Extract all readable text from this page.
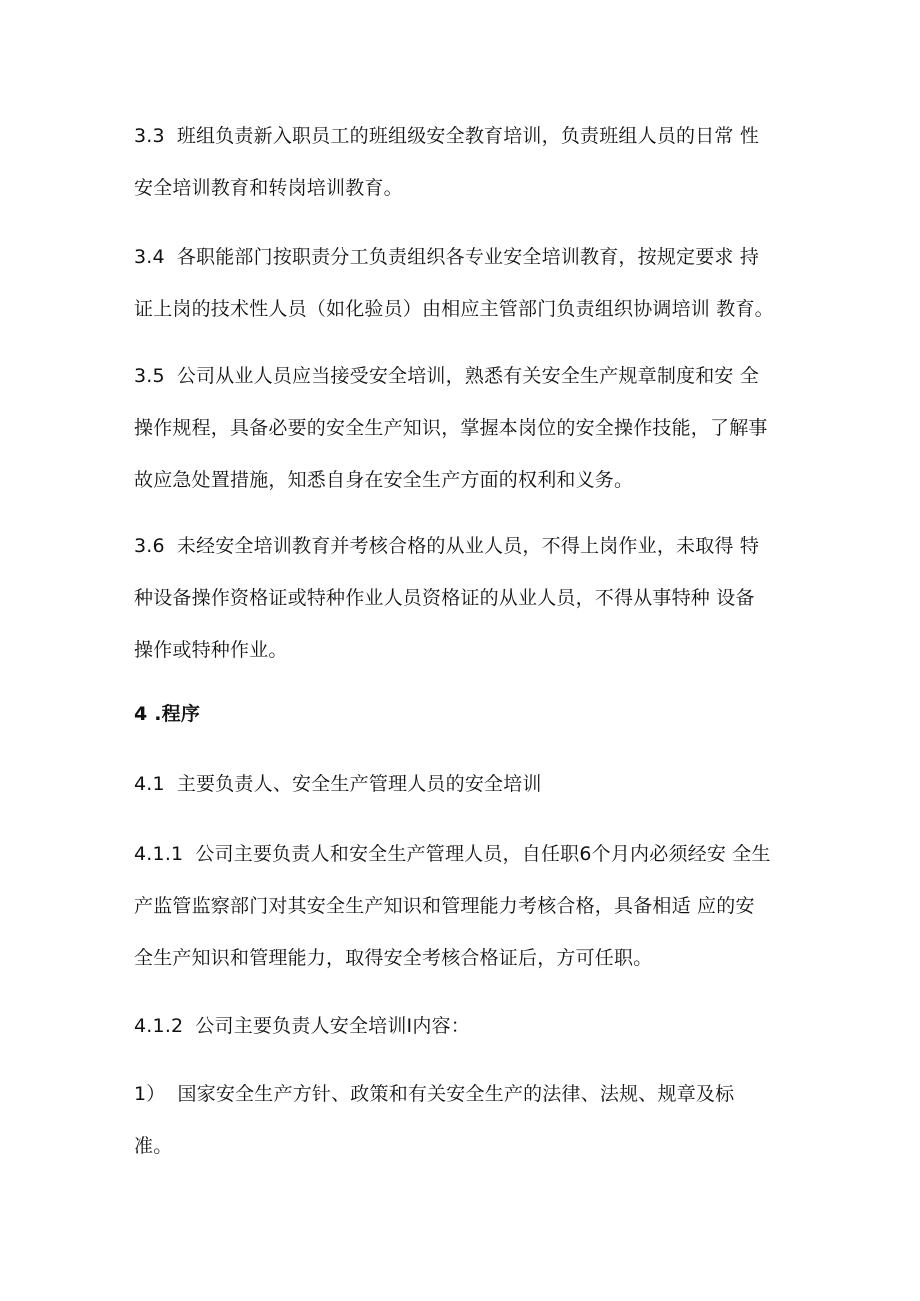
3.3 班组负责新入职员工的班组级安全教育培训，负责班组人员的日常 性
安全培训教育和转岗培训教育。

3.4 各职能部门按职责分工负责组织各专业安全培训教育，按规定要求 持
证上岗的技术性人员（如化验员）由相应主管部门负责组织协调培训 教育。

3.5 公司从业人员应当接受安全培训，熟悉有关安全生产规章制度和安 全
操作规程，具备必要的安全生产知识，掌握本岗位的安全操作技能，了解事
故应急处置措施，知悉自身在安全生产方面的权利和义务。

3.6 未经安全培训教育并考核合格的从业人员，不得上岗作业，未取得 特
种设备操作资格证或特种作业人员资格证的从业人员，不得从事特种 设备
操作或特种作业。

4 .程序

4.1 主要负责人、安全生产管理人员的安全培训

4.1.1 公司主要负责人和安全生产管理人员，自任职6个月内必须经安 全生
产监管监察部门对其安全生产知识和管理能力考核合格，具备相适 应的安
全生产知识和管理能力，取得安全考核合格证后，方可任职。

4.1.2 公司主要负责人安全培训I内容：

1） 国家安全生产方针、政策和有关安全生产的法律、法规、规章及标
准。
